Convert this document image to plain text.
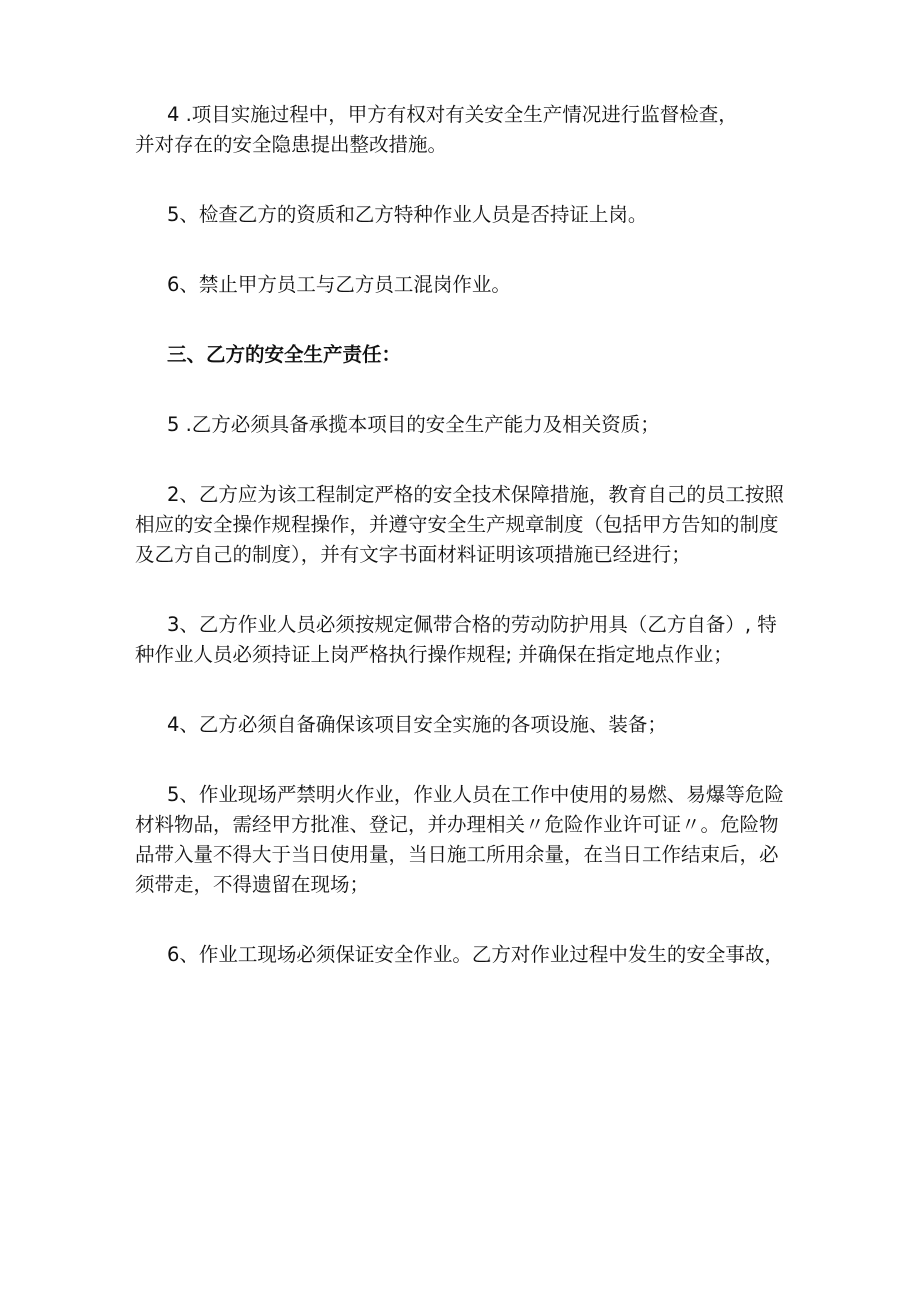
4 .项目实施过程中，甲方有权对有关安全生产情况进行监督检查，
并对存在的安全隐患提出整改措施。
5、检查乙方的资质和乙方特种作业人员是否持证上岗。
6、禁止甲方员工与乙方员工混岗作业。
三、乙方的安全生产责任：
5 .乙方必须具备承揽本项目的安全生产能力及相关资质；
2、乙方应为该工程制定严格的安全技术保障措施，教育自己的员工按照
相应的安全操作规程操作，并遵守安全生产规章制度（包括甲方告知的制度
及乙方自己的制度），并有文字书面材料证明该项措施已经进行；
3、乙方作业人员必须按规定佩带合格的劳动防护用具（乙方自备）, 特
种作业人员必须持证上岗严格执行操作规程; 并确保在指定地点作业；
4、乙方必须自备确保该项目安全实施的各项设施、装备；
5、作业现场严禁明火作业，作业人员在工作中使用的易燃、易爆等危险
材料物品，需经甲方批准、登记，并办理相关〃危险作业许可证〃。危险物
品带入量不得大于当日使用量，当日施工所用余量，在当日工作结束后，必
须带走，不得遗留在现场；
6、作业工现场必须保证安全作业。乙方对作业过程中发生的安全事故，
